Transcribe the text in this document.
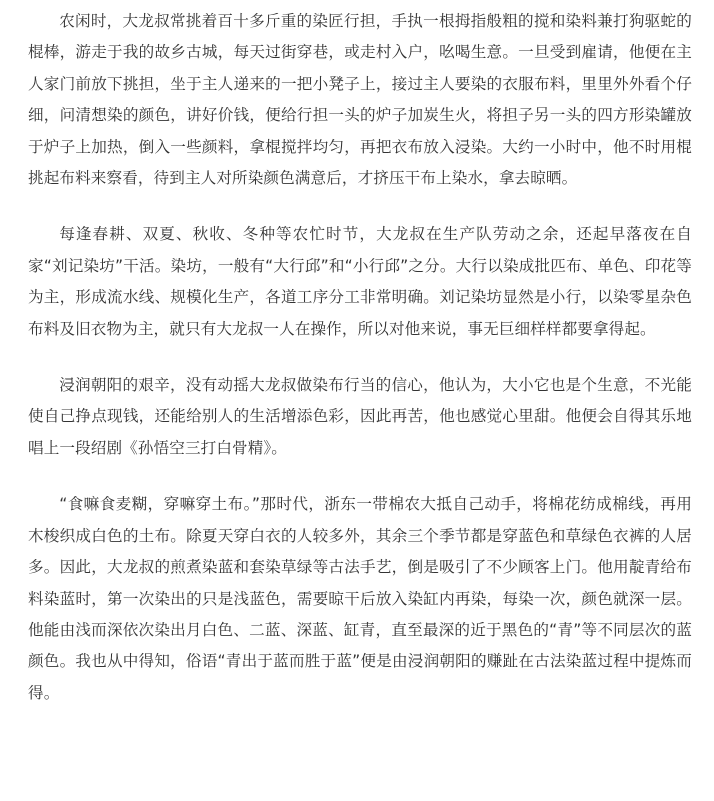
农闲时，大龙叔常挑着百十多斤重的染匠行担，手执一根拇指般粗的搅和染料兼打狗驱蛇的棍棒，游走于我的故乡古城，每天过街穿巷，或走村入户，吆喝生意。一旦受到雇请，他便在主人家门前放下挑担，坐于主人递来的一把小凳子上，接过主人要染的衣服布料，里里外外看个仔细，问清想染的颜色，讲好价钱，便给行担一头的炉子加炭生火，将担子另一头的四方形染罐放于炉子上加热，倒入一些颜料，拿棍搅拌均匀，再把衣布放入浸染。大约一小时中，他不时用棍挑起布料来察看，待到主人对所染颜色满意后，才挤压干布上染水，拿去晾晒。

每逢春耕、双夏、秋收、冬种等农忙时节，大龙叔在生产队劳动之余，还起早落夜在自家“刘记染坊”干活。染坊，一般有“大行邱”和“小行邱”之分。大行以染成批匹布、单色、印花等为主，形成流水线、规模化生产，各道工序分工非常明确。刘记染坊显然是小行，以染零星杂色布料及旧衣物为主，就只有大龙叔一人在操作，所以对他来说，事无巨细样样都要拿得起。

浸润朝阳的艰辛，没有动摇大龙叔做染布行当的信心，他认为，大小它也是个生意，不光能使自己挣点现钱，还能给别人的生活增添色彩，因此再苦，他也感觉心里甜。他便会自得其乐地唱上一段绍剧《孙悟空三打白骨精》。

“食嘛食麦糊，穿嘛穿土布。”那时代，浙东一带棉农大抵自己动手，将棉花纺成棉线，再用木梭织成白色的土布。除夏天穿白衣的人较多外，其余三个季节都是穿蓝色和草绿色衣裤的人居多。因此，大龙叔的煎煮染蓝和套染草绿等古法手艺，倒是吸引了不少顾客上门。他用靛青给布料染蓝时，第一次染出的只是浅蓝色，需要晾干后放入染缸内再染，每染一次，颜色就深一层。他能由浅而深依次染出月白色、二蓝、深蓝、缸青，直至最深的近于黑色的“青”等不同层次的蓝颜色。我也从中得知，俗语“青出于蓝而胜于蓝”便是由浸润朝阳的赚趾在古法染蓝过程中提炼而得。
